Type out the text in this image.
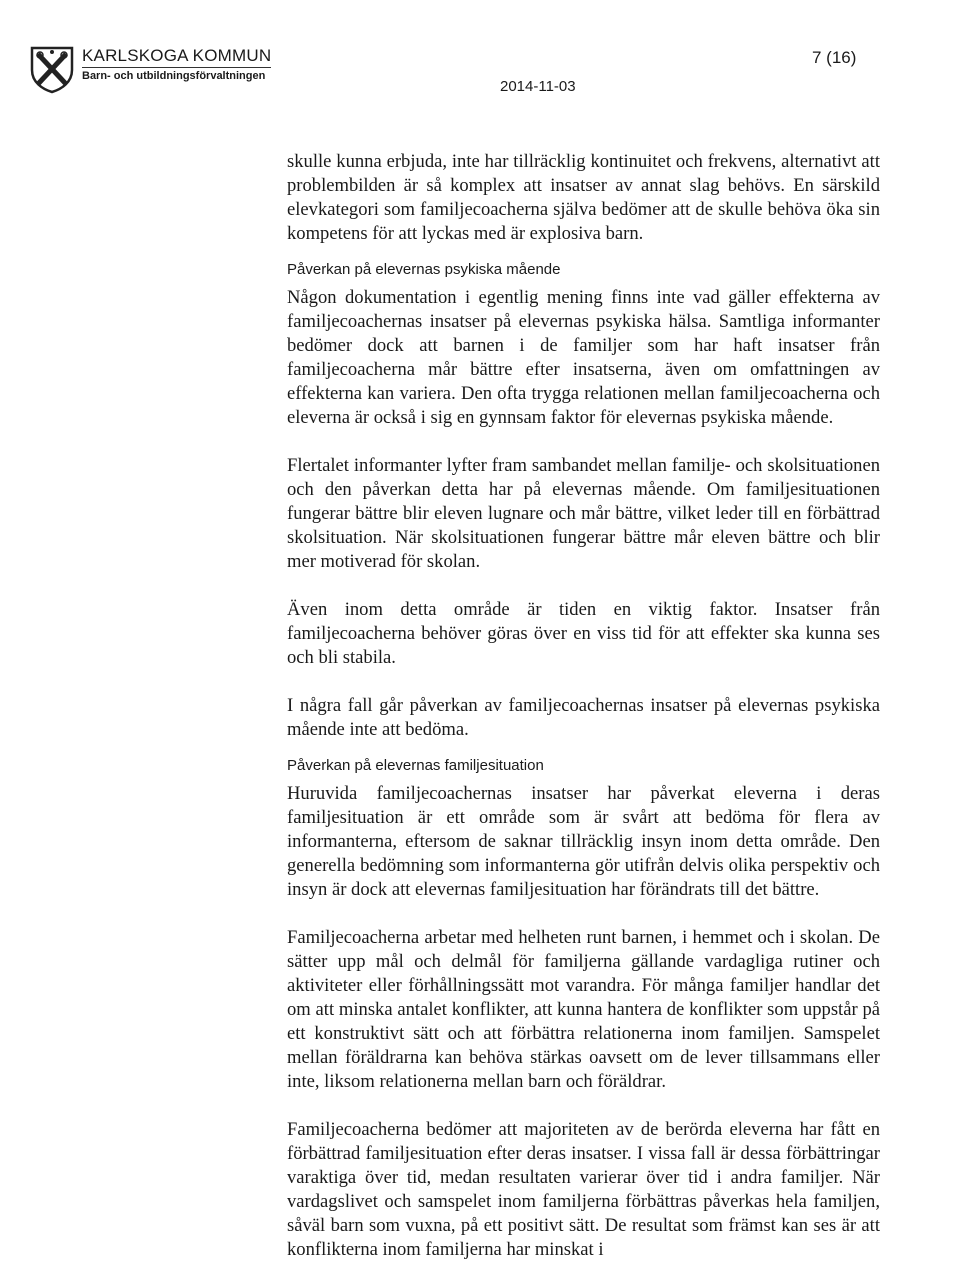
KARLSKOGA KOMMUN
Barn- och utbildningsförvaltningen
2014-11-03
7 (16)

skulle kunna erbjuda, inte har tillräcklig kontinuitet och frekvens, alternativt att problembilden är så komplex att insatser av annat slag behövs. En särskild elevkategori som familjecoacherna själva bedömer att de skulle behöva öka sin kompetens för att lyckas med är explosiva barn.

Påverkan på elevernas psykiska mående

Någon dokumentation i egentlig mening finns inte vad gäller effekterna av familjecoachernas insatser på elevernas psykiska hälsa. Samtliga informanter bedömer dock att barnen i de familjer som har haft insatser från familjecoacherna mår bättre efter insatserna, även om omfattningen av effekterna kan variera. Den ofta trygga relationen mellan familjecoacherna och eleverna är också i sig en gynnsam faktor för elevernas psykiska mående.

Flertalet informanter lyfter fram sambandet mellan familje- och skolsituationen och den påverkan detta har på elevernas mående. Om familjesituationen fungerar bättre blir eleven lugnare och mår bättre, vilket leder till en förbättrad skolsituation. När skolsituationen fungerar bättre mår eleven bättre och blir mer motiverad för skolan.

Även inom detta område är tiden en viktig faktor. Insatser från familjecoacherna behöver göras över en viss tid för att effekter ska kunna ses och bli stabila.

I några fall går påverkan av familjecoachernas insatser på elevernas psykiska mående inte att bedöma.

Påverkan på elevernas familjesituation

Huruvida familjecoachernas insatser har påverkat eleverna i deras familjesituation är ett område som är svårt att bedöma för flera av informanterna, eftersom de saknar tillräcklig insyn inom detta område. Den generella bedömning som informanterna gör utifrån delvis olika perspektiv och insyn är dock att elevernas familjesituation har förändrats till det bättre.

Familjecoacherna arbetar med helheten runt barnen, i hemmet och i skolan. De sätter upp mål och delmål för familjerna gällande vardagliga rutiner och aktiviteter eller förhållningssätt mot varandra. För många familjer handlar det om att minska antalet konflikter, att kunna hantera de konflikter som uppstår på ett konstruktivt sätt och att förbättra relationerna inom familjen. Samspelet mellan föräldrarna kan behöva stärkas oavsett om de lever tillsammans eller inte, liksom relationerna mellan barn och föräldrar.

Familjecoacherna bedömer att majoriteten av de berörda eleverna har fått en förbättrad familjesituation efter deras insatser. I vissa fall är dessa förbättringar varaktiga över tid, medan resultaten varierar över tid i andra familjer. När vardagslivet och samspelet inom familjerna förbättras påverkas hela familjen, såväl barn som vuxna, på ett positivt sätt. De resultat som främst kan ses är att konflikterna inom familjerna har minskat i
